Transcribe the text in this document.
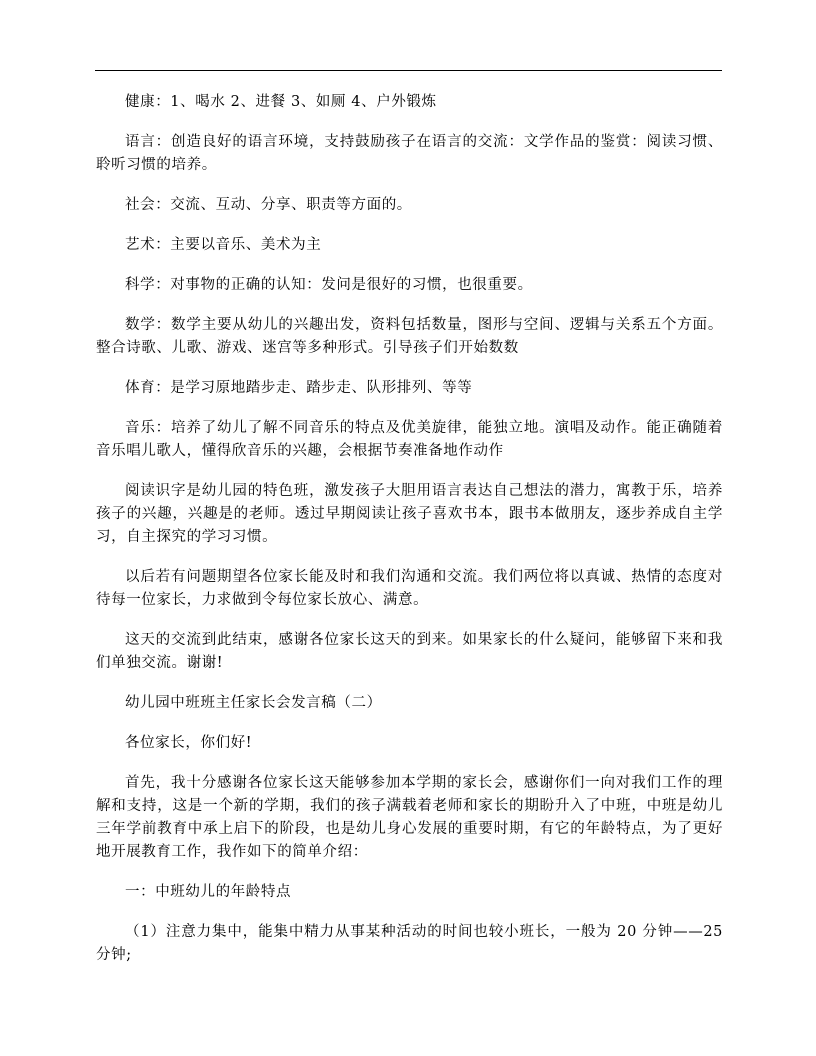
健康：1、喝水 2、进餐 3、如厕 4、户外锻炼

语言：创造良好的语言环境，支持鼓励孩子在语言的交流：文学作品的鉴赏：阅读习惯、聆听习惯的培养。

社会：交流、互动、分享、职责等方面的。

艺术：主要以音乐、美术为主

科学：对事物的正确的认知：发问是很好的习惯，也很重要。

数学：数学主要从幼儿的兴趣出发，资料包括数量，图形与空间、逻辑与关系五个方面。整合诗歌、儿歌、游戏、迷宫等多种形式。引导孩子们开始数数

体育：是学习原地踏步走、踏步走、队形排列、等等

音乐：培养了幼儿了解不同音乐的特点及优美旋律，能独立地。演唱及动作。能正确随着音乐唱儿歌人，懂得欣音乐的兴趣，会根据节奏准备地作动作

阅读识字是幼儿园的特色班，激发孩子大胆用语言表达自己想法的潜力，寓教于乐，培养孩子的兴趣，兴趣是的老师。透过早期阅读让孩子喜欢书本，跟书本做朋友，逐步养成自主学习，自主探究的学习习惯。

以后若有问题期望各位家长能及时和我们沟通和交流。我们两位将以真诚、热情的态度对待每一位家长，力求做到令每位家长放心、满意。

这天的交流到此结束，感谢各位家长这天的到来。如果家长的什么疑问，能够留下来和我们单独交流。谢谢!

幼儿园中班班主任家长会发言稿（二）

各位家长，你们好!

首先，我十分感谢各位家长这天能够参加本学期的家长会，感谢你们一向对我们工作的理解和支持，这是一个新的学期，我们的孩子满载着老师和家长的期盼升入了中班，中班是幼儿三年学前教育中承上启下的阶段，也是幼儿身心发展的重要时期，有它的年龄特点，为了更好地开展教育工作，我作如下的简单介绍：

一：中班幼儿的年龄特点

（1）注意力集中，能集中精力从事某种活动的时间也较小班长，一般为 20 分钟——25 分钟;
